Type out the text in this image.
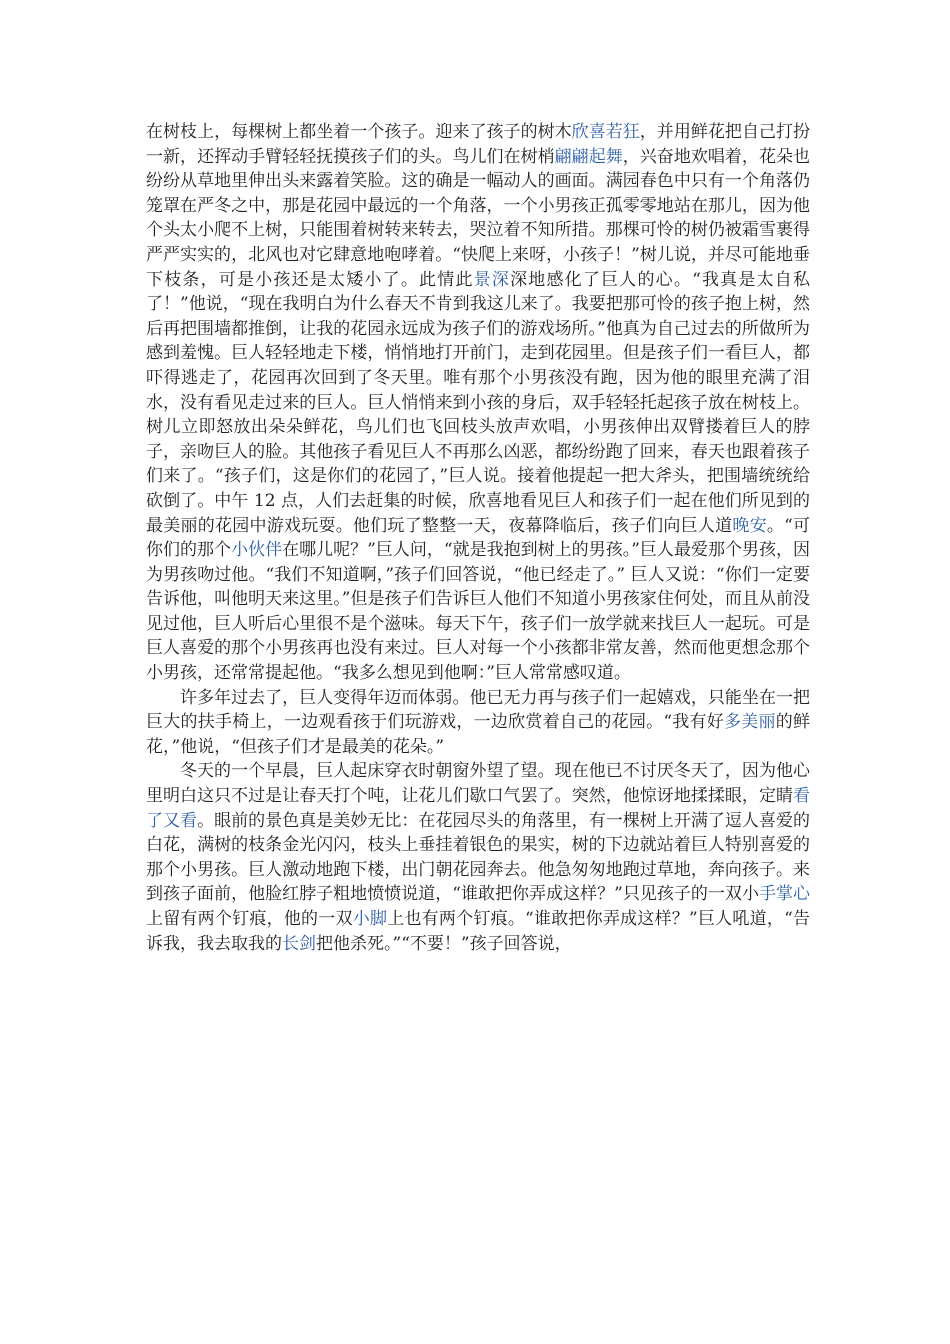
在树枝上，每棵树上都坐着一个孩子。迎来了孩子的树木欣喜若狂，并用鲜花把自己打扮一新，还挥动手臂轻轻抚摸孩子们的头。鸟儿们在树梢翩翩起舞，兴奋地欢唱着，花朵也纷纷从草地里伸出头来露着笑脸。这的确是一幅动人的画面。满园春色中只有一个角落仍笼罩在严冬之中，那是花园中最远的一个角落，一个小男孩正孤零零地站在那儿，因为他个头太小爬不上树，只能围着树转来转去，哭泣着不知所措。那棵可怜的树仍被霜雪裹得严严实实的，北风也对它肆意地咆哮着。“快爬上来呀，小孩子！”树儿说，并尽可能地垂下枝条，可是小孩还是太矮小了。此情此景深深地感化了巨人的心。“我真是太自私了！”他说，“现在我明白为什么春天不肯到我这儿来了。我要把那可怜的孩子抱上树，然后再把围墙都推倒，让我的花园永远成为孩子们的游戏场所。”他真为自己过去的所做所为感到羞愧。巨人轻轻地走下楼，悄悄地打开前门，走到花园里。但是孩子们一看巨人，都吓得逃走了，花园再次回到了冬天里。唯有那个小男孩没有跑，因为他的眼里充满了泪水，没有看见走过来的巨人。巨人悄悄来到小孩的身后，双手轻轻托起孩子放在树枝上。树儿立即怒放出朵朵鲜花，鸟儿们也飞回枝头放声欢唱，小男孩伸出双臂搂着巨人的脖子，亲吻巨人的脸。其他孩子看见巨人不再那么凶恶，都纷纷跑了回来，春天也跟着孩子们来了。“孩子们，这是你们的花园了，”巨人说。接着他提起一把大斧头，把围墙统统给砍倒了。中午 12 点，人们去赶集的时候，欣喜地看见巨人和孩子们一起在他们所见到的最美丽的花园中游戏玩耍。他们玩了整整一天，夜幕降临后，孩子们向巨人道晚安。“可你们的那个小伙伴在哪儿呢？”巨人问，“就是我抱到树上的男孩。”巨人最爱那个男孩，因为男孩吻过他。“我们不知道啊，”孩子们回答说，“他已经走了。” 巨人又说：“你们一定要告诉他，叫他明天来这里。”但是孩子们告诉巨人他们不知道小男孩家住何处，而且从前没见过他，巨人听后心里很不是个滋味。每天下午，孩子们一放学就来找巨人一起玩。可是巨人喜爱的那个小男孩再也没有来过。巨人对每一个小孩都非常友善，然而他更想念那个小男孩，还常常提起他。“我多么想见到他啊：”巨人常常感叹道。

许多年过去了，巨人变得年迈而体弱。他已无力再与孩子们一起嬉戏，只能坐在一把巨大的扶手椅上，一边观看孩于们玩游戏，一边欣赏着自己的花园。“我有好多美丽的鲜花，”他说，“但孩子们才是最美的花朵。”

冬天的一个早晨，巨人起床穿衣时朝窗外望了望。现在他已不讨厌冬天了，因为他心里明白这只不过是让春天打个吨，让花儿们歇口气罢了。突然，他惊讶地揉揉眼，定睛看了又看。眼前的景色真是美妙无比：在花园尽头的角落里，有一棵树上开满了逗人喜爱的白花，满树的枝条金光闪闪，枝头上垂挂着银色的果实，树的下边就站着巨人特别喜爱的那个小男孩。巨人激动地跑下楼，出门朝花园奔去。他急匆匆地跑过草地，奔向孩子。来到孩子面前，他脸红脖子粗地愤愤说道，“谁敢把你弄成这样？”只见孩子的一双小手掌心上留有两个钉痕，他的一双小脚上也有两个钉痕。“谁敢把你弄成这样？”巨人吼道，“告诉我，我去取我的长剑把他杀死。”“不要！”孩子回答说，
